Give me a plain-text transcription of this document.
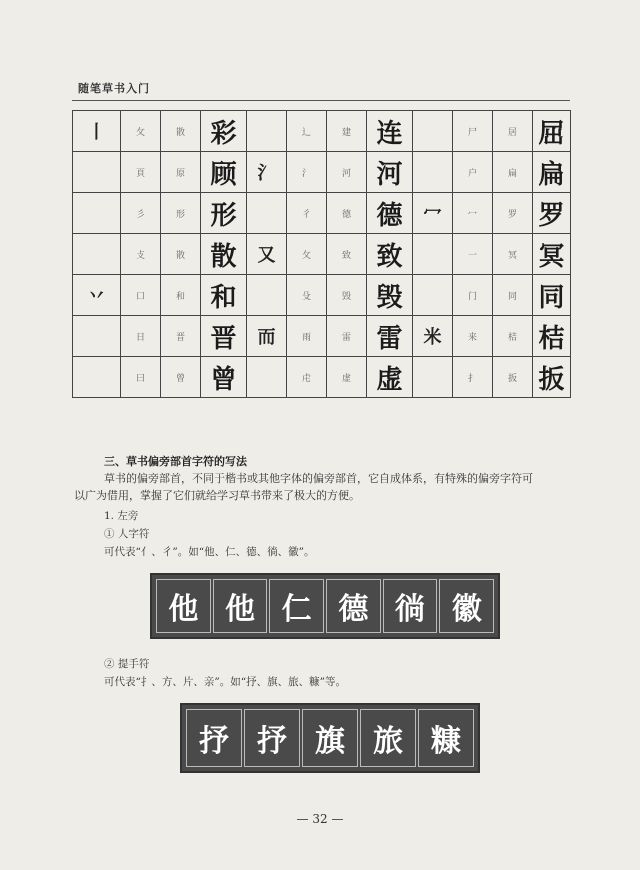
随笔草书入门
丨	攵	散	彩		辶	建	连		尸	居	屈
	頁	原	顾	氵	氵	河	河		户	扁	扁
	彡	形	形		彳	德	德	冖	冖	罗	罗
	攴	散	散	又	攵	致	致		一	冥	冥
丷	口	和	和		殳	毁	毁		门	同	同
	日	晋	晋	而	雨	雷	雷	米	来	桔	桔
	曰	曾	曾		虍	虚	虚		扌	扳	扳
三、草书偏旁部首字符的写法
草书的偏旁部首，不同于楷书或其他字体的偏旁部首，它自成体系，有特殊的偏旁字符可
以广为借用，掌握了它们就给学习草书带来了极大的方便。
1. 左旁
① 人字符
可代表“亻、彳”。如“他、仁、德、徜、徽”。
他 他 仁 德 徜 徽
② 提手符
可代表“扌、方、片、亲”。如“抒、旗、旅、糠”等。
抒 抒 旗 旅 糠
— 32 —
